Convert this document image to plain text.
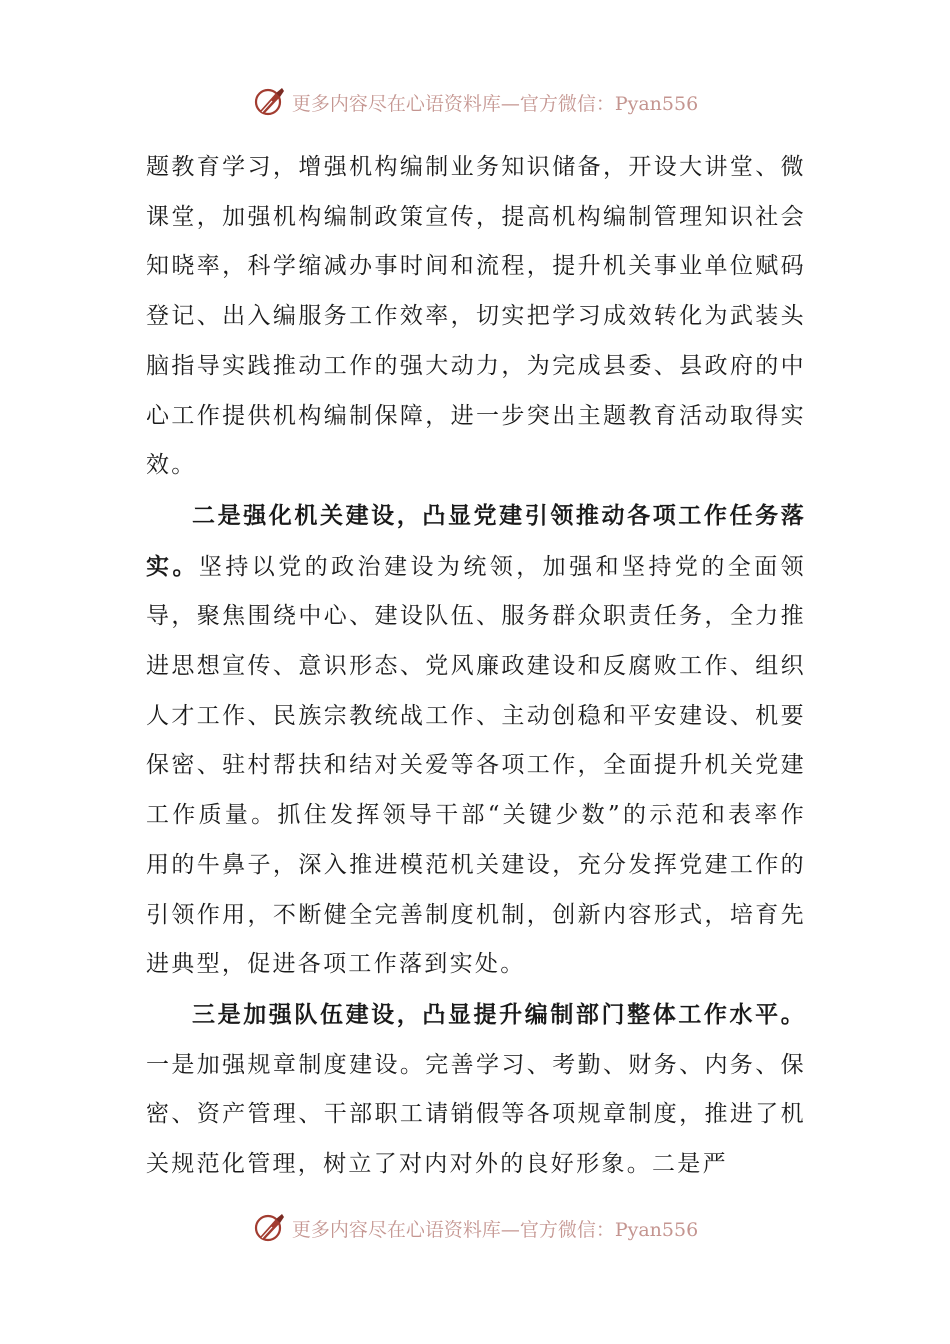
更多内容尽在心语资料库—官方微信：Pyan556

题教育学习，增强机构编制业务知识储备，开设大讲堂、微课堂，加强机构编制政策宣传，提高机构编制管理知识社会知晓率，科学缩减办事时间和流程，提升机关事业单位赋码登记、出入编服务工作效率，切实把学习成效转化为武装头脑指导实践推动工作的强大动力，为完成县委、县政府的中心工作提供机构编制保障，进一步突出主题教育活动取得实效。

二是强化机关建设，凸显党建引领推动各项工作任务落实。坚持以党的政治建设为统领，加强和坚持党的全面领导，聚焦围绕中心、建设队伍、服务群众职责任务，全力推进思想宣传、意识形态、党风廉政建设和反腐败工作、组织人才工作、民族宗教统战工作、主动创稳和平安建设、机要保密、驻村帮扶和结对关爱等各项工作，全面提升机关党建工作质量。抓住发挥领导干部“关键少数”的示范和表率作用的牛鼻子，深入推进模范机关建设，充分发挥党建工作的引领作用，不断健全完善制度机制，创新内容形式，培育先进典型，促进各项工作落到实处。

三是加强队伍建设，凸显提升编制部门整体工作水平。一是加强规章制度建设。完善学习、考勤、财务、内务、保密、资产管理、干部职工请销假等各项规章制度，推进了机关规范化管理，树立了对内对外的良好形象。二是严

更多内容尽在心语资料库—官方微信：Pyan556
